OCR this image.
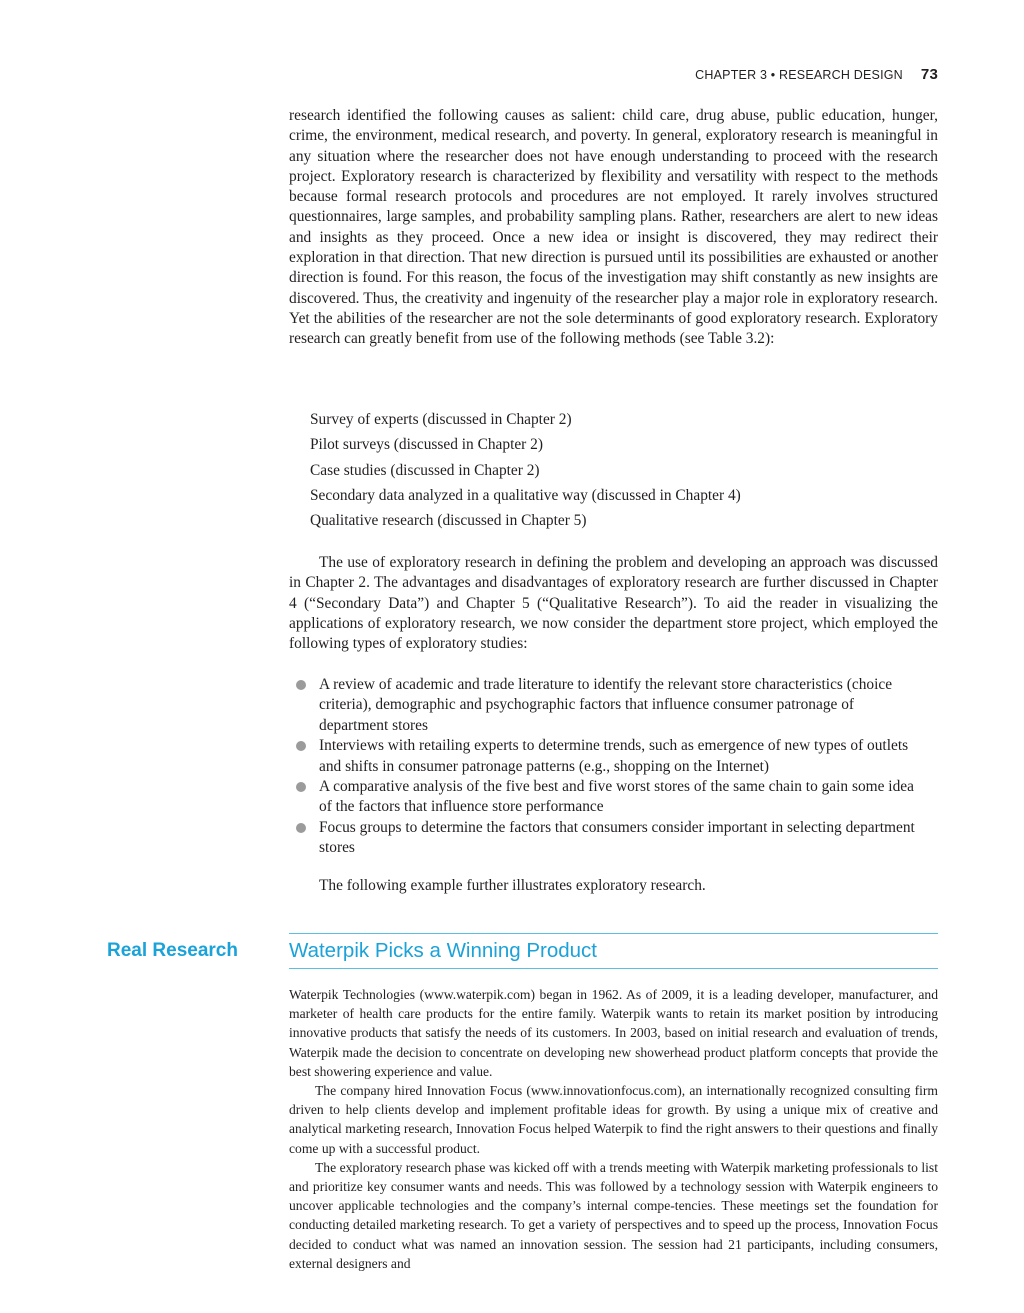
CHAPTER 3 • RESEARCH DESIGN 73

research identified the following causes as salient: child care, drug abuse, public education, hunger, crime, the environment, medical research, and poverty. In general, exploratory research is meaningful in any situation where the researcher does not have enough understanding to proceed with the research project. Exploratory research is characterized by flexibility and versatility with respect to the methods because formal research protocols and procedures are not employed. It rarely involves structured questionnaires, large samples, and probability sampling plans. Rather, researchers are alert to new ideas and insights as they proceed. Once a new idea or insight is discovered, they may redirect their exploration in that direction. That new direction is pursued until its possibilities are exhausted or another direction is found. For this reason, the focus of the investigation may shift constantly as new insights are discovered. Thus, the creativity and ingenuity of the researcher play a major role in exploratory research. Yet the abilities of the researcher are not the sole determinants of good exploratory research. Exploratory research can greatly benefit from use of the following methods (see Table 3.2):

Survey of experts (discussed in Chapter 2)
Pilot surveys (discussed in Chapter 2)
Case studies (discussed in Chapter 2)
Secondary data analyzed in a qualitative way (discussed in Chapter 4)
Qualitative research (discussed in Chapter 5)

The use of exploratory research in defining the problem and developing an approach was discussed in Chapter 2. The advantages and disadvantages of exploratory research are further discussed in Chapter 4 (“Secondary Data”) and Chapter 5 (“Qualitative Research”). To aid the reader in visualizing the applications of exploratory research, we now consider the department store project, which employed the following types of exploratory studies:

A review of academic and trade literature to identify the relevant store characteristics (choice criteria), demographic and psychographic factors that influence consumer patronage of department stores
Interviews with retailing experts to determine trends, such as emergence of new types of outlets and shifts in consumer patronage patterns (e.g., shopping on the Internet)
A comparative analysis of the five best and five worst stores of the same chain to gain some idea of the factors that influence store performance
Focus groups to determine the factors that consumers consider important in selecting department stores

The following example further illustrates exploratory research.

Real Research Waterpik Picks a Winning Product

Waterpik Technologies (www.waterpik.com) began in 1962. As of 2009, it is a leading developer, manufacturer, and marketer of health care products for the entire family. Waterpik wants to retain its market position by introducing innovative products that satisfy the needs of its customers. In 2003, based on initial research and evaluation of trends, Waterpik made the decision to concentrate on developing new showerhead product platform concepts that provide the best showering experience and value.

The company hired Innovation Focus (www.innovationfocus.com), an internationally recognized consulting firm driven to help clients develop and implement profitable ideas for growth. By using a unique mix of creative and analytical marketing research, Innovation Focus helped Waterpik to find the right answers to their questions and finally come up with a successful product.

The exploratory research phase was kicked off with a trends meeting with Waterpik marketing professionals to list and prioritize key consumer wants and needs. This was followed by a technology session with Waterpik engineers to uncover applicable technologies and the company’s internal compe-tencies. These meetings set the foundation for conducting detailed marketing research. To get a variety of perspectives and to speed up the process, Innovation Focus decided to conduct what was named an innovation session. The session had 21 participants, including consumers, external designers and
